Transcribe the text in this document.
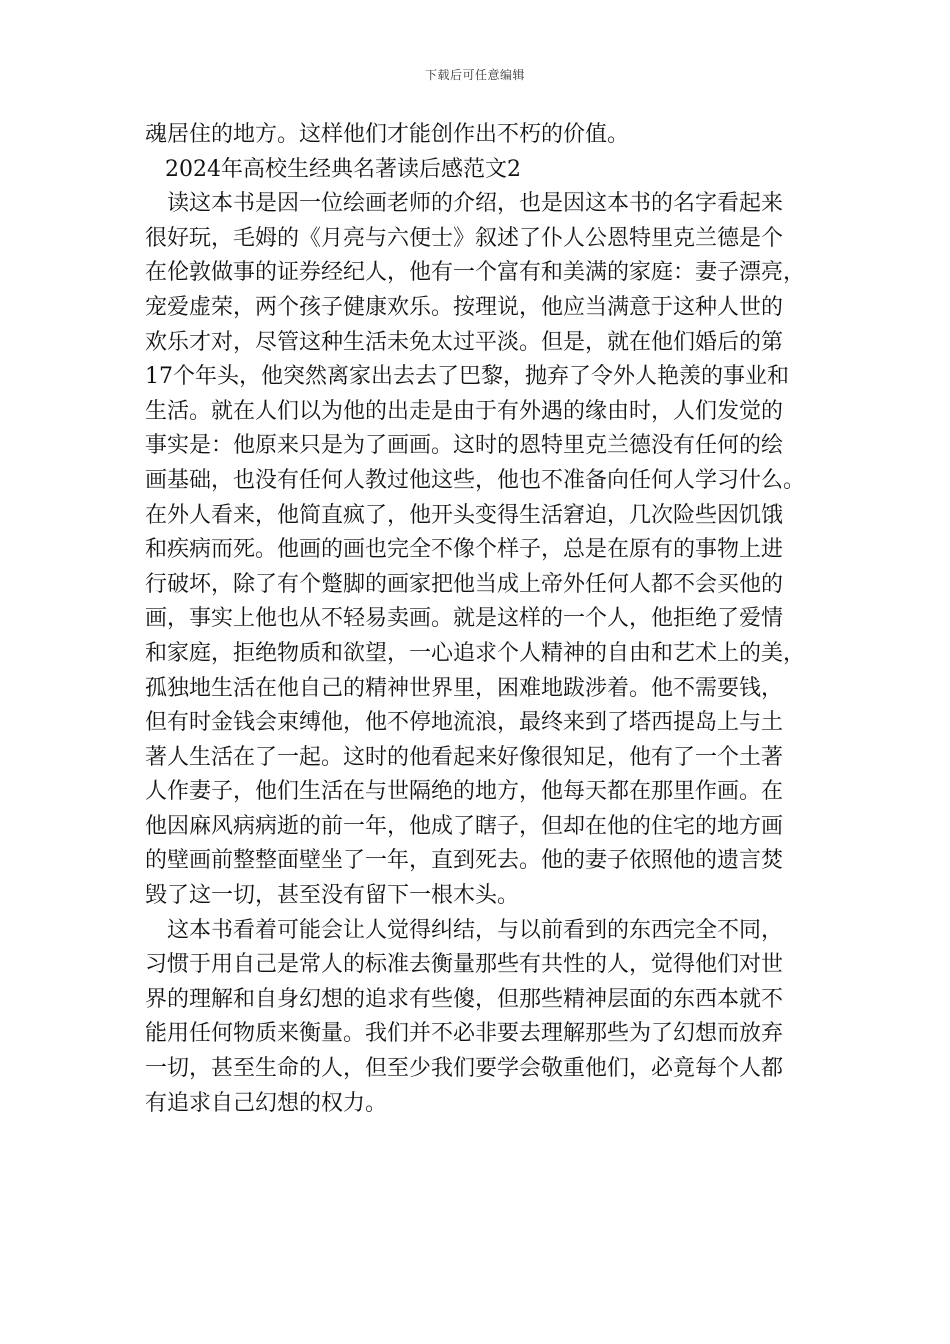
下载后可任意编辑
魂居住的地方。这样他们才能创作出不朽的价值。
2024年高校生经典名著读后感范文2
读这本书是因一位绘画老师的介绍，也是因这本书的名字看起来
很好玩，毛姆的《月亮与六便士》叙述了仆人公恩特里克兰德是个
在伦敦做事的证券经纪人，他有一个富有和美满的家庭：妻子漂亮，
宠爱虚荣，两个孩子健康欢乐。按理说，他应当满意于这种人世的
欢乐才对，尽管这种生活未免太过平淡。但是，就在他们婚后的第
17个年头，他突然离家出去去了巴黎，抛弃了令外人艳羡的事业和
生活。就在人们以为他的出走是由于有外遇的缘由时，人们发觉的
事实是：他原来只是为了画画。这时的恩特里克兰德没有任何的绘
画基础，也没有任何人教过他这些，他也不准备向任何人学习什么。
在外人看来，他简直疯了，他开头变得生活窘迫，几次险些因饥饿
和疾病而死。他画的画也完全不像个样子，总是在原有的事物上进
行破坏，除了有个蹩脚的画家把他当成上帝外任何人都不会买他的
画，事实上他也从不轻易卖画。就是这样的一个人，他拒绝了爱情
和家庭，拒绝物质和欲望，一心追求个人精神的自由和艺术上的美，
孤独地生活在他自己的精神世界里，困难地跋涉着。他不需要钱，
但有时金钱会束缚他，他不停地流浪，最终来到了塔西提岛上与土
著人生活在了一起。这时的他看起来好像很知足，他有了一个土著
人作妻子，他们生活在与世隔绝的地方，他每天都在那里作画。在
他因麻风病病逝的前一年，他成了瞎子，但却在他的住宅的地方画
的壁画前整整面壁坐了一年，直到死去。他的妻子依照他的遗言焚
毁了这一切，甚至没有留下一根木头。
这本书看着可能会让人觉得纠结，与以前看到的东西完全不同，
习惯于用自己是常人的标准去衡量那些有共性的人，觉得他们对世
界的理解和自身幻想的追求有些傻，但那些精神层面的东西本就不
能用任何物质来衡量。我们并不必非要去理解那些为了幻想而放弃
一切，甚至生命的人，但至少我们要学会敬重他们，必竟每个人都
有追求自己幻想的权力。
